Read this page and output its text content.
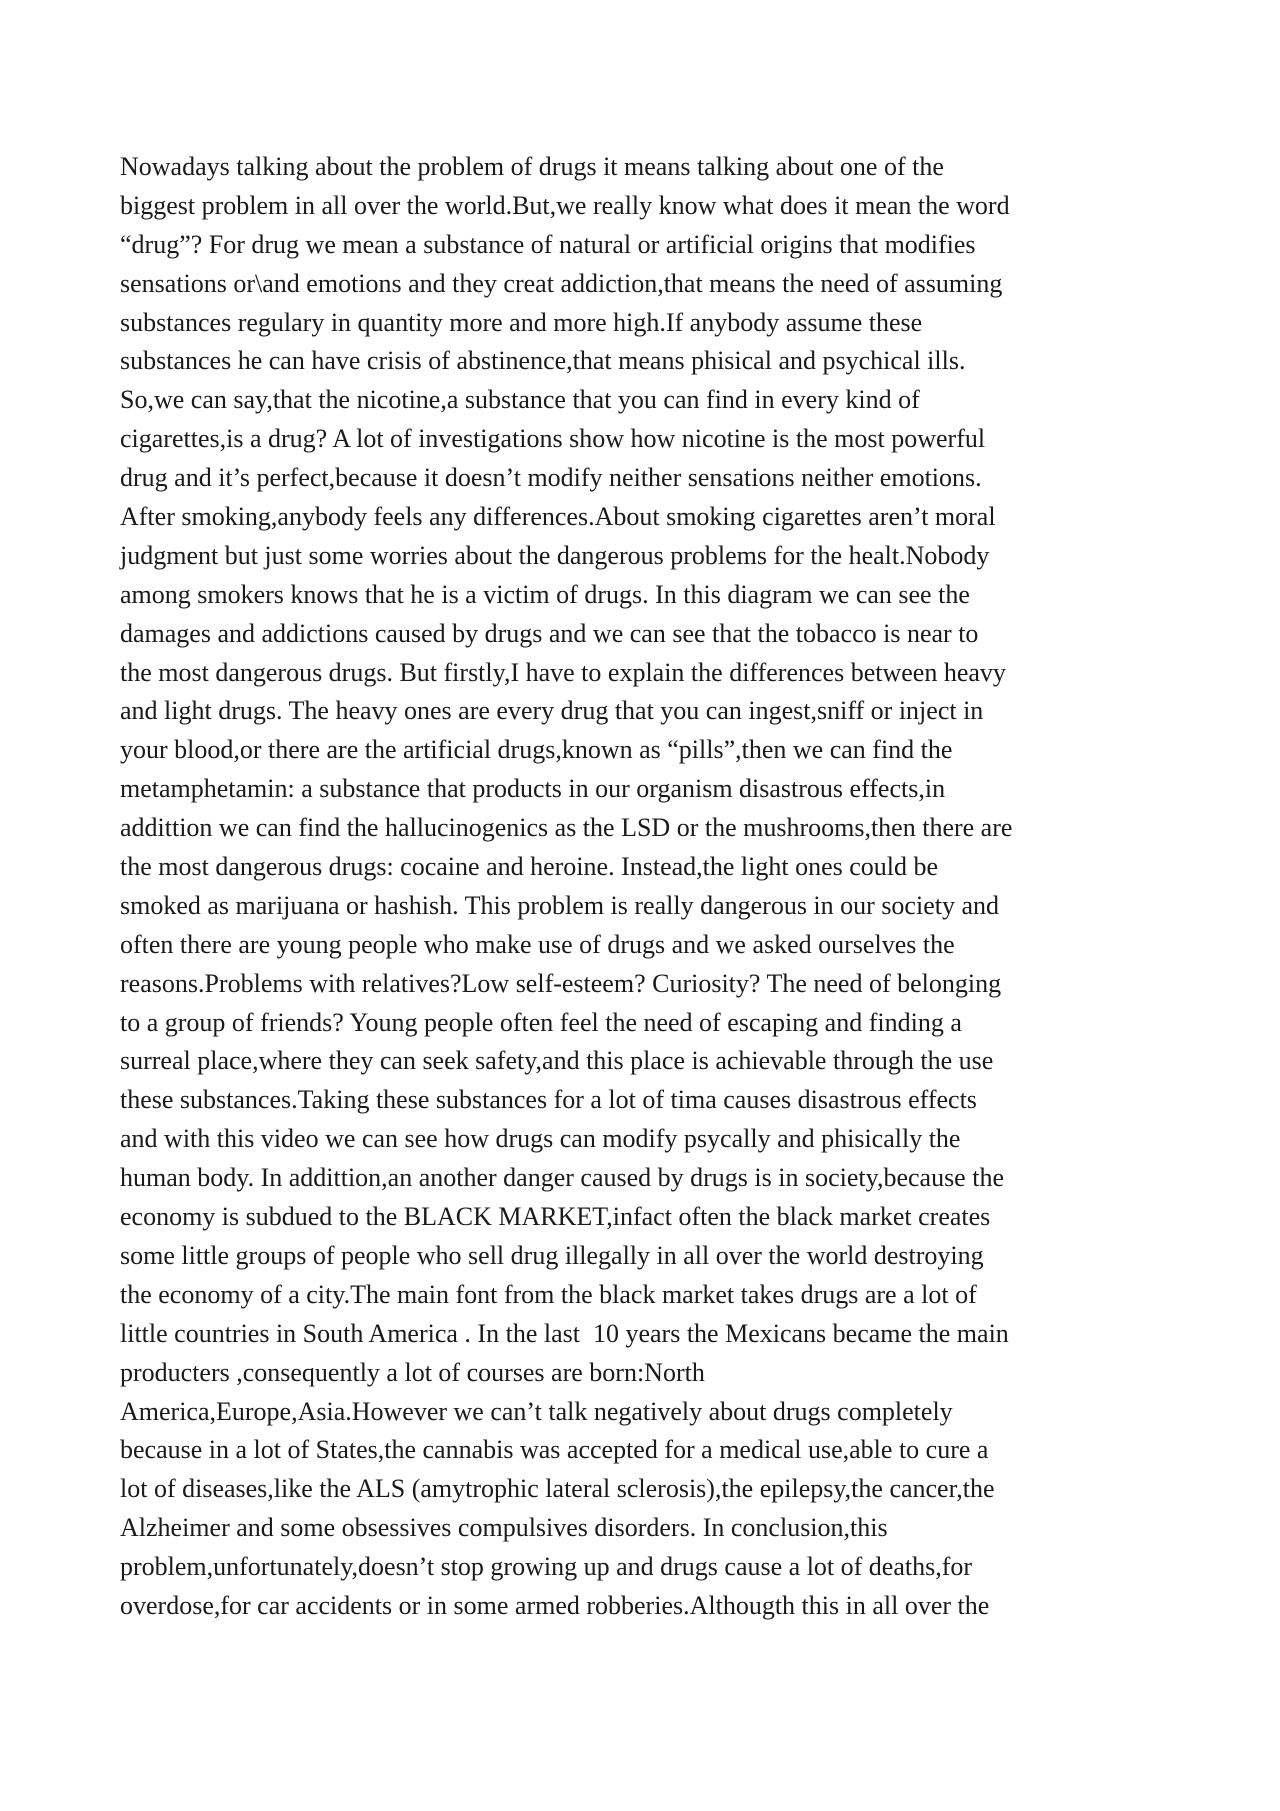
Nowadays talking about the problem of drugs it means talking about one of the
biggest problem in all over the world.But,we really know what does it mean the word
“drug”? For drug we mean a substance of natural or artificial origins that modifies
sensations or\and emotions and they creat addiction,that means the need of assuming
substances regulary in quantity more and more high.If anybody assume these
substances he can have crisis of abstinence,that means phisical and psychical ills.
So,we can say,that the nicotine,a substance that you can find in every kind of
cigarettes,is a drug? A lot of investigations show how nicotine is the most powerful
drug and it’s perfect,because it doesn’t modify neither sensations neither emotions.
After smoking,anybody feels any differences.About smoking cigarettes aren’t moral
judgment but just some worries about the dangerous problems for the healt.Nobody
among smokers knows that he is a victim of drugs. In this diagram we can see the
damages and addictions caused by drugs and we can see that the tobacco is near to
the most dangerous drugs. But firstly,I have to explain the differences between heavy
and light drugs. The heavy ones are every drug that you can ingest,sniff or inject in
your blood,or there are the artificial drugs,known as “pills”,then we can find the
metamphetamin: a substance that products in our organism disastrous effects,in
addittion we can find the hallucinogenics as the LSD or the mushrooms,then there are
the most dangerous drugs: cocaine and heroine. Instead,the light ones could be
smoked as marijuana or hashish. This problem is really dangerous in our society and
often there are young people who make use of drugs and we asked ourselves the
reasons.Problems with relatives?Low self-esteem? Curiosity? The need of belonging
to a group of friends? Young people often feel the need of escaping and finding a
surreal place,where they can seek safety,and this place is achievable through the use
these substances.Taking these substances for a lot of tima causes disastrous effects
and with this video we can see how drugs can modify psycally and phisically the
human body. In addittion,an another danger caused by drugs is in society,because the
economy is subdued to the BLACK MARKET,infact often the black market creates
some little groups of people who sell drug illegally in all over the world destroying
the economy of a city.The main font from the black market takes drugs are a lot of
little countries in South America . In the last  10 years the Mexicans became the main
producters ,consequently a lot of courses are born:North
America,Europe,Asia.However we can’t talk negatively about drugs completely
because in a lot of States,the cannabis was accepted for a medical use,able to cure a
lot of diseases,like the ALS (amytrophic lateral sclerosis),the epilepsy,the cancer,the
Alzheimer and some obsessives compulsives disorders. In conclusion,this
problem,unfortunately,doesn’t stop growing up and drugs cause a lot of deaths,for
overdose,for car accidents or in some armed robberies.Althougth this in all over the
